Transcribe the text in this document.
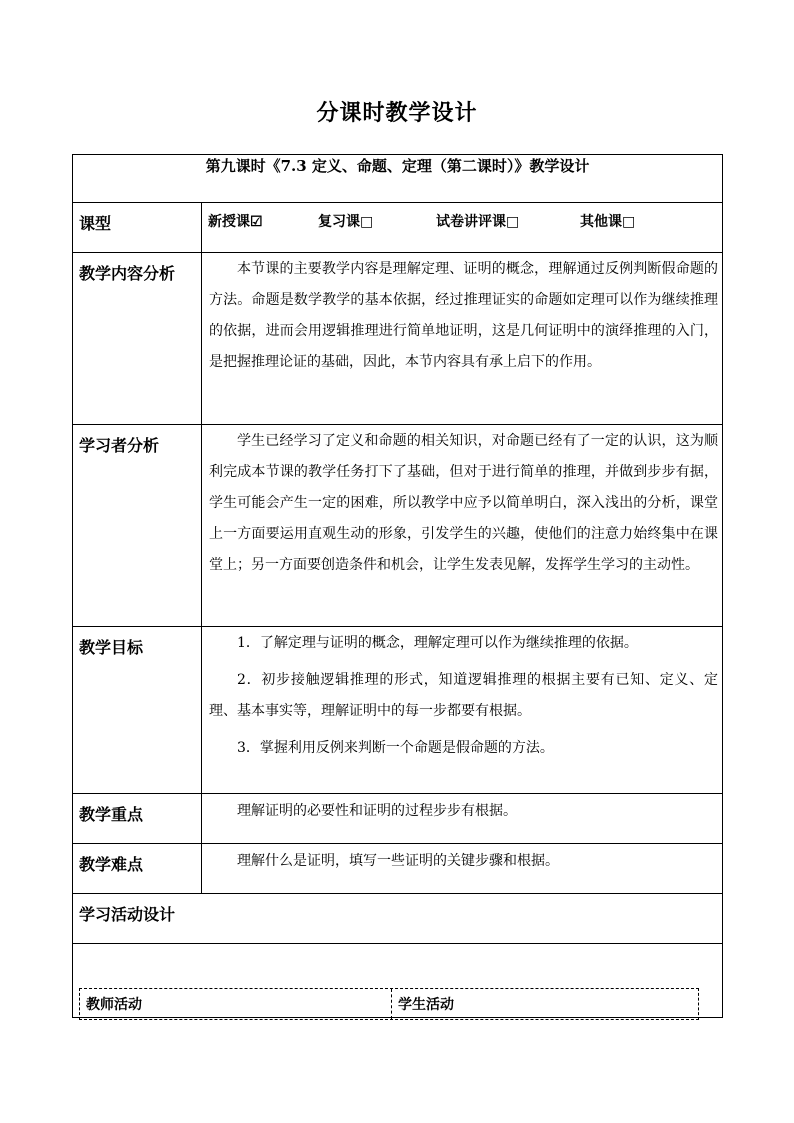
分课时教学设计
第九课时《7.3 定义、命题、定理（第二课时）》教学设计	

课型	新授课☑ 复习课□ 试卷讲评课□ 其他课□

教学内容分析	本节课的主要教学内容是理解定理、证明的概念，理解通过反例判断假命题的方法。命题是数学教学的基本依据，经过推理证实的命题如定理可以作为继续推理的依据，进而会用逻辑推理进行简单地证明，这是几何证明中的演绎推理的入门，是把握推理论证的基础，因此，本节内容具有承上启下的作用。

学习者分析	学生已经学习了定义和命题的相关知识，对命题已经有了一定的认识，这为顺利完成本节课的教学任务打下了基础，但对于进行简单的推理，并做到步步有据，学生可能会产生一定的困难，所以教学中应予以简单明白，深入浅出的分析，课堂上一方面要运用直观生动的形象，引发学生的兴趣，使他们的注意力始终集中在课堂上；另一方面要创造条件和机会，让学生发表见解，发挥学生学习的主动性。

教学目标	1．了解定理与证明的概念，理解定理可以作为继续推理的依据。

2．初步接触逻辑推理的形式，知道逻辑推理的根据主要有已知、定义、定理、基本事实等，理解证明中的每一步都要有根据。

3．掌握利用反例来判断一个命题是假命题的方法。

教学重点	理解证明的必要性和证明的过程步步有根据。

教学难点	理解什么是证明，填写一些证明的关键步骤和根据。

学习活动设计	

教师活动 学生活动	
